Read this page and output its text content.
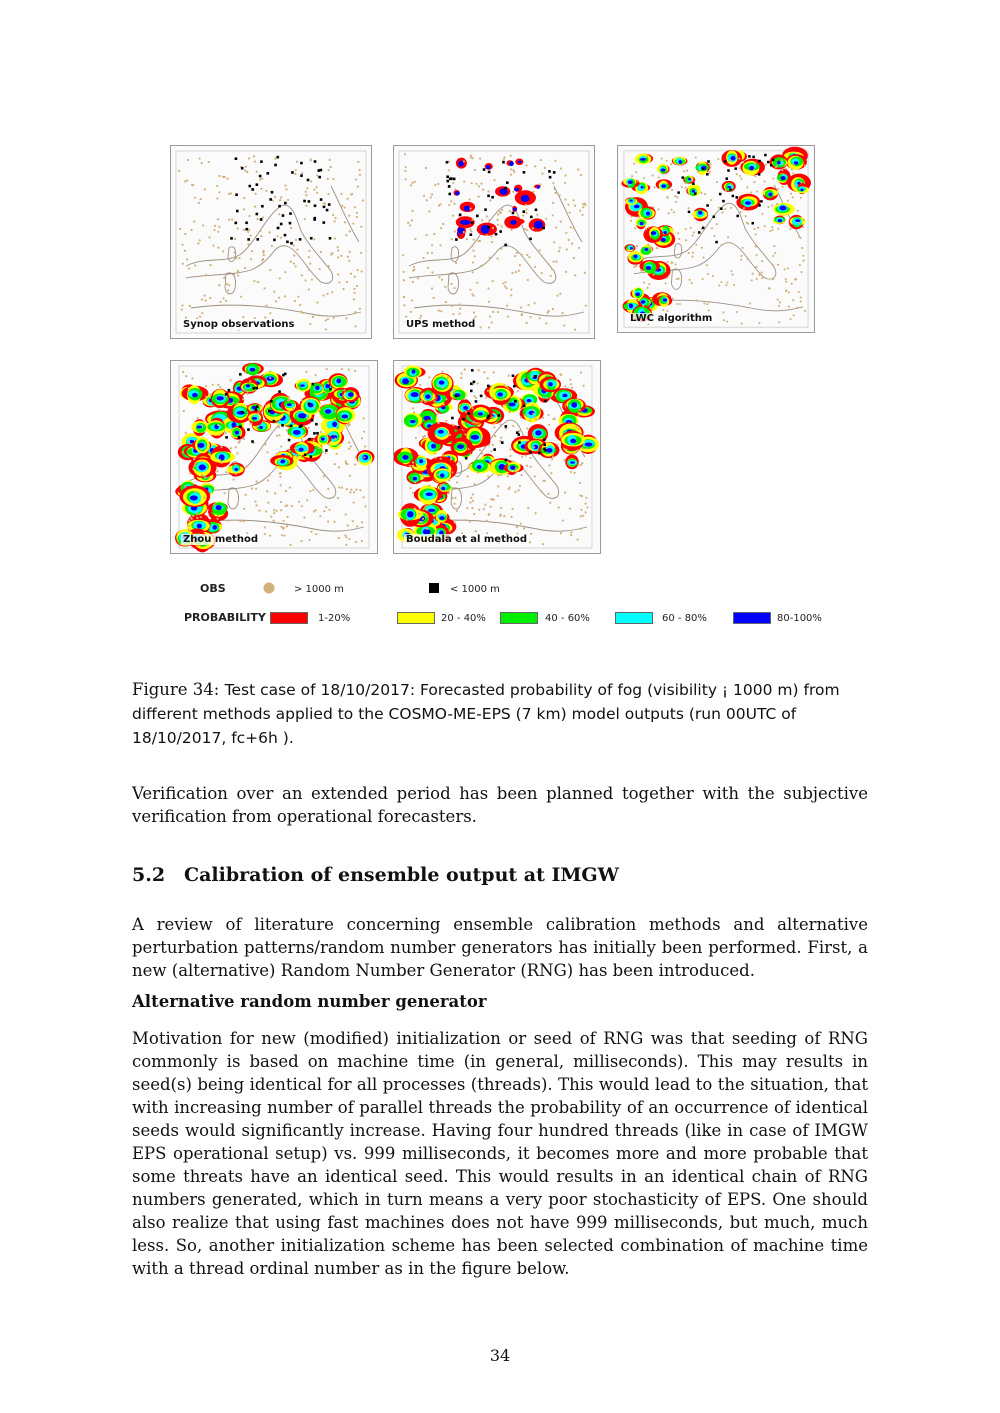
Synop observations	UPS method
LWC algorithm
Zhou method	Boudala et al method
OBS	> 1000 m	< 1000 m
PROBABILITY	1-20%	20 - 40%	40 - 60%	60 - 80%	80-100%
Figure 34: Test case of 18/10/2017: Forecasted probability of fog (visibility ¡ 1000 m) from different methods applied to the COSMO-ME-EPS (7 km) model outputs (run 00UTC of 18/10/2017, fc+6h ).

Verification over an extended period has been planned together with the subjective verification from operational forecasters.

5.2 Calibration of ensemble output at IMGW

A review of literature concerning ensemble calibration methods and alternative perturbation patterns/random number generators has initially been performed. First, a new (alternative) Random Number Generator (RNG) has been introduced.

Alternative random number generator

Motivation for new (modified) initialization or seed of RNG was that seeding of RNG commonly is based on machine time (in general, milliseconds). This may results in seed(s) being identical for all processes (threads). This would lead to the situation, that with increasing number of parallel threads the probability of an occurrence of identical seeds would significantly increase. Having four hundred threads (like in case of IMGW EPS operational setup) vs. 999 milliseconds, it becomes more and more probable that some threats have an identical seed. This would results in an identical chain of RNG numbers generated, which in turn means a very poor stochasticity of EPS. One should also realize that using fast machines does not have 999 milliseconds, but much, much less. So, another initialization scheme has been selected combination of machine time with a thread ordinal number as in the figure below.

34
